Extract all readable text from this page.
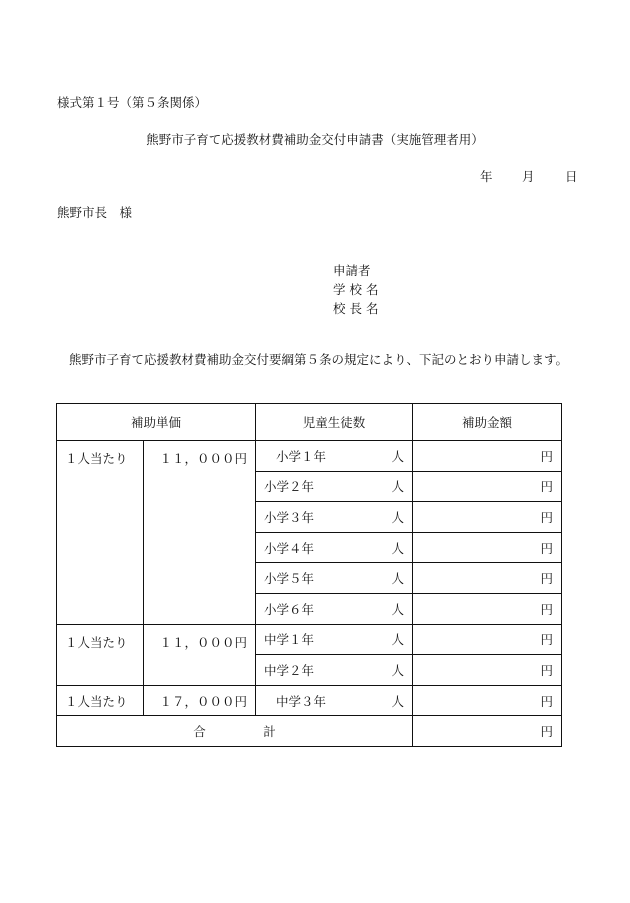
様式第１号（第５条関係）
熊野市子育て応援教材費補助金交付申請書（実施管理者用）
年 月 日
熊野市長　様
申請者
学 校 名
校 長 名
熊野市子育て応援教材費補助金交付要綱第５条の規定により、下記のとおり申請します。
補助単価		児童生徒数	補助金額
１人当たり	１１，０００円	小学１年 人	円
		小学２年 人	円
		小学３年 人	円
		小学４年 人	円
		小学５年 人	円
		小学６年 人	円
１人当たり	１１，０００円	中学１年 人	円
		中学２年 人	円
１人当たり	１７，０００円	中学３年 人	円
合 計			円
